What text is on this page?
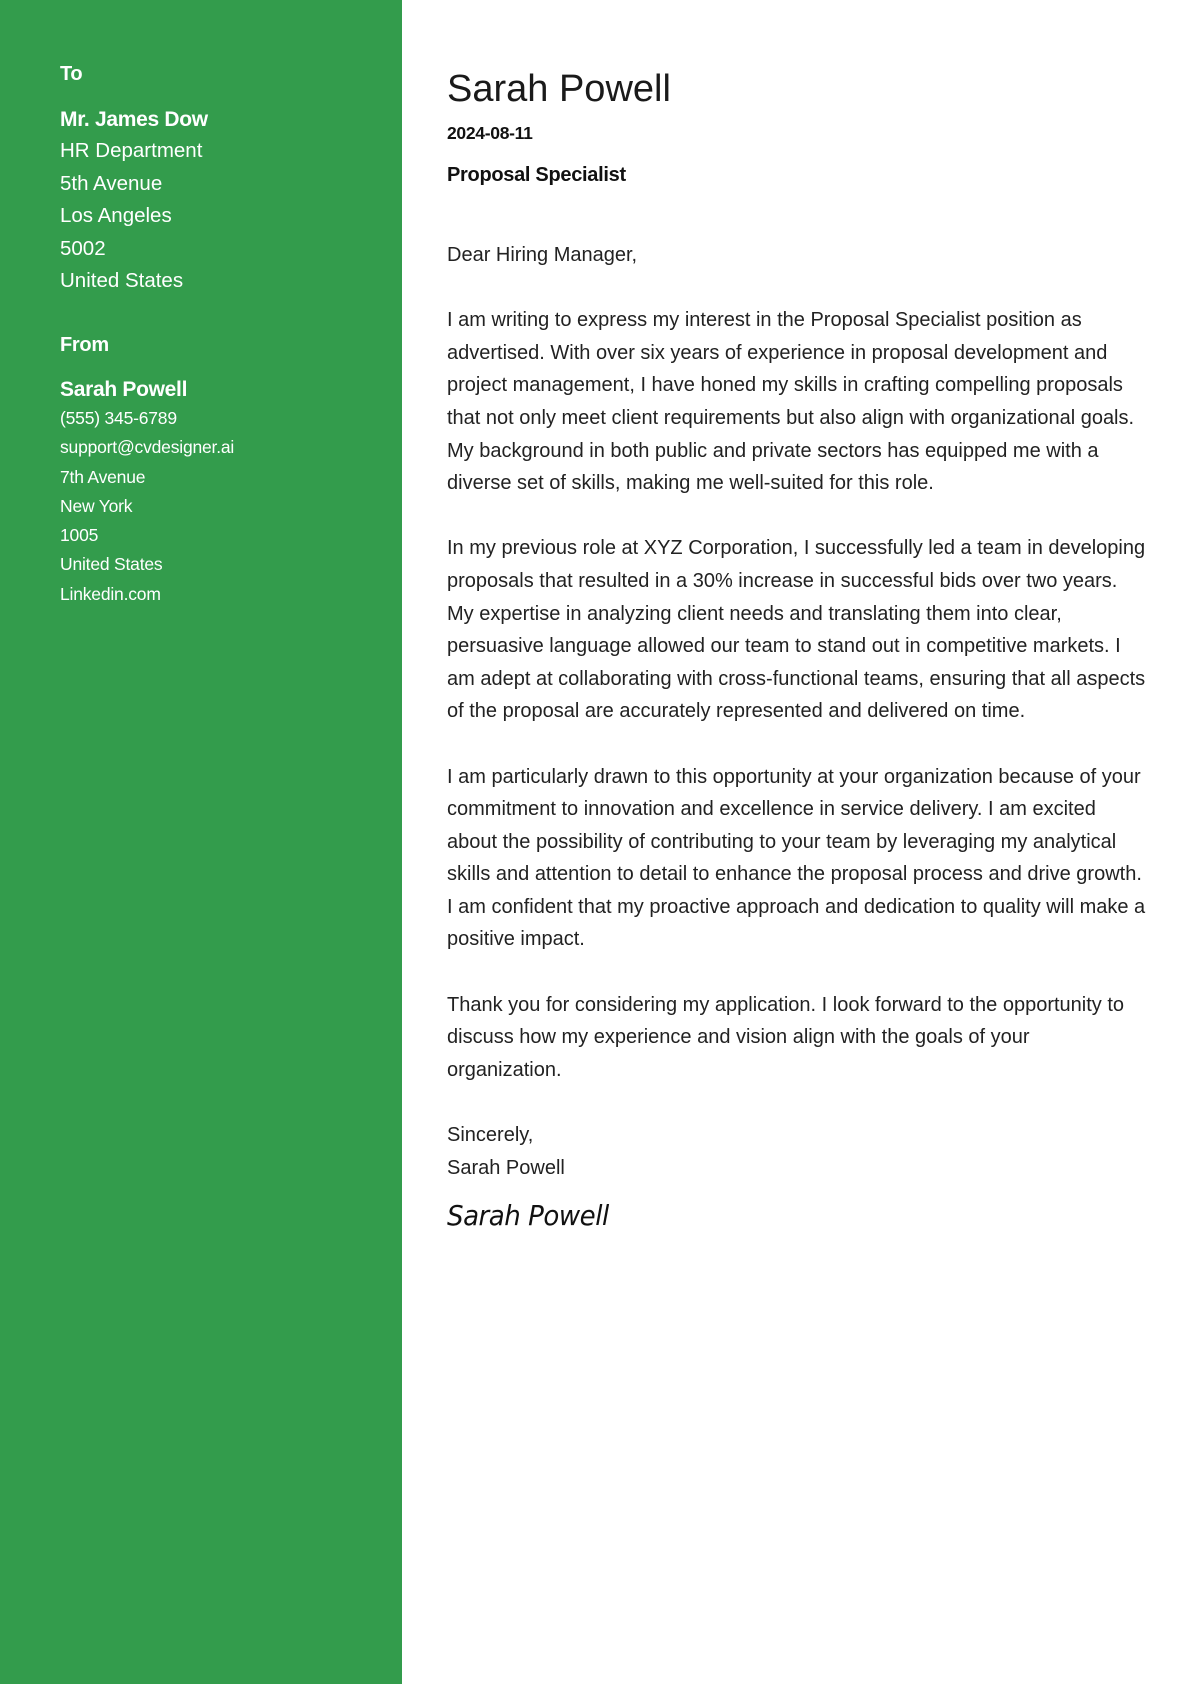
To
Mr. James Dow
HR Department
5th Avenue
Los Angeles
5002
United States
From
Sarah Powell
(555) 345-6789
support@cvdesigner.ai
7th Avenue
New York
1005
United States
Linkedin.com
Sarah Powell
2024-08-11
Proposal Specialist

Dear Hiring Manager,

I am writing to express my interest in the Proposal Specialist position as advertised. With over six years of experience in proposal development and project management, I have honed my skills in crafting compelling proposals that not only meet client requirements but also align with organizational goals. My background in both public and private sectors has equipped me with a diverse set of skills, making me well-suited for this role.

In my previous role at XYZ Corporation, I successfully led a team in developing proposals that resulted in a 30% increase in successful bids over two years. My expertise in analyzing client needs and translating them into clear, persuasive language allowed our team to stand out in competitive markets. I am adept at collaborating with cross-functional teams, ensuring that all aspects of the proposal are accurately represented and delivered on time.

I am particularly drawn to this opportunity at your organization because of your commitment to innovation and excellence in service delivery. I am excited about the possibility of contributing to your team by leveraging my analytical skills and attention to detail to enhance the proposal process and drive growth. I am confident that my proactive approach and dedication to quality will make a positive impact.

Thank you for considering my application. I look forward to the opportunity to discuss how my experience and vision align with the goals of your organization.

Sincerely,
Sarah Powell
Sarah Powell
